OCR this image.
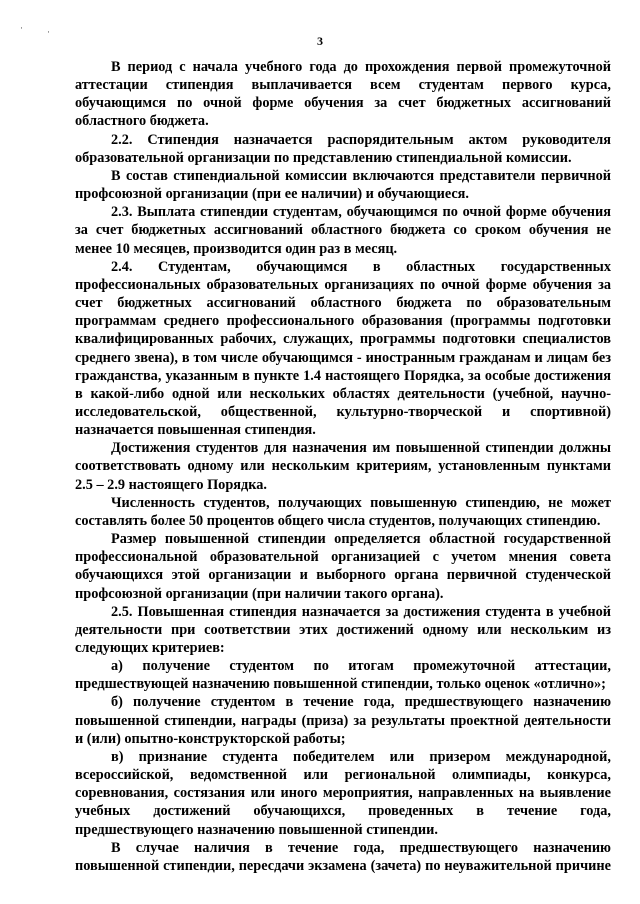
·	·
3

В период с начала учебного года до прохождения первой промежуточной аттестации стипендия выплачивается всем студентам первого курса, обучающимся по очной форме обучения за счет бюджетных ассигнований областного бюджета.

2.2. Стипендия назначается распорядительным актом руководителя образовательной организации по представлению стипендиальной комиссии.

В состав стипендиальной комиссии включаются представители первичной профсоюзной организации (при ее наличии) и обучающиеся.

2.3. Выплата стипендии студентам, обучающимся по очной форме обучения за счет бюджетных ассигнований областного бюджета со сроком обучения не менее 10 месяцев, производится один раз в месяц.

2.4. Студентам, обучающимся в областных государственных профессиональных образовательных организациях по очной форме обучения за счет бюджетных ассигнований областного бюджета по образовательным программам среднего профессионального образования (программы подготовки квалифицированных рабочих, служащих, программы подготовки специалистов среднего звена), в том числе обучающимся - иностранным гражданам и лицам без гражданства, указанным в пункте 1.4 настоящего Порядка, за особые достижения в какой-либо одной или нескольких областях деятельности (учебной, научно-исследовательской, общественной, культурно-творческой и спортивной) назначается повышенная стипендия.

Достижения студентов для назначения им повышенной стипендии должны соответствовать одному или нескольким критериям, установленным пунктами 2.5 – 2.9 настоящего Порядка.

Численность студентов, получающих повышенную стипендию, не может составлять более 50 процентов общего числа студентов, получающих стипендию.

Размер повышенной стипендии определяется областной государственной профессиональной образовательной организацией с учетом мнения совета обучающихся этой организации и выборного органа первичной студенческой профсоюзной организации (при наличии такого органа).

2.5. Повышенная стипендия назначается за достижения студента в учебной деятельности при соответствии этих достижений одному или нескольким из следующих критериев:

а) получение студентом по итогам промежуточной аттестации, предшествующей назначению повышенной стипендии, только оценок «отлично»;

б) получение студентом в течение года, предшествующего назначению повышенной стипендии, награды (приза) за результаты проектной деятельности и (или) опытно-конструкторской работы;

в) признание студента победителем или призером международной, всероссийской, ведомственной или региональной олимпиады, конкурса, соревнования, состязания или иного мероприятия, направленных на выявление учебных достижений обучающихся, проведенных в течение года, предшествующего назначению повышенной стипендии.

В случае наличия в течение года, предшествующего назначению повышенной стипендии, пересдачи экзамена (зачета) по неуважительной причине
